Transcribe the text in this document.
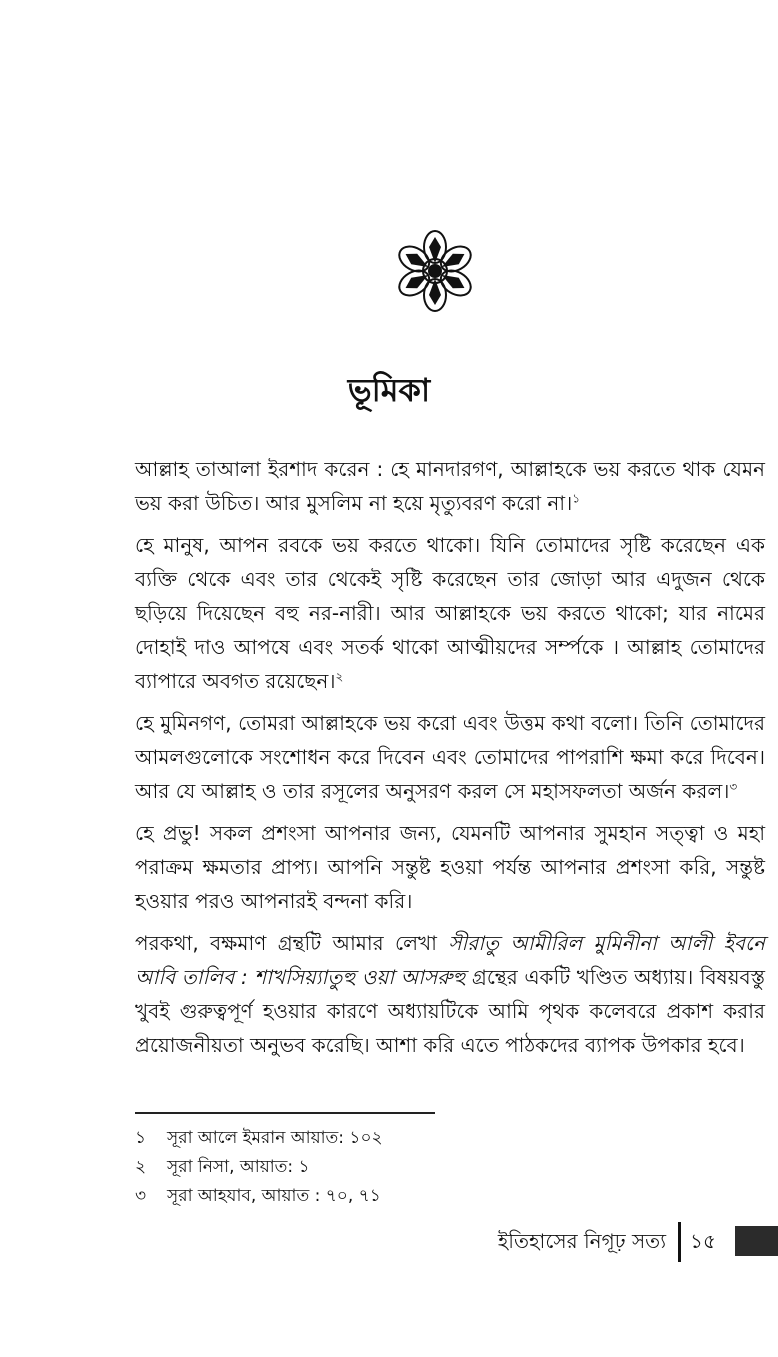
ভূমিকা

আল্লাহ তাআলা ইরশাদ করেন : হে মানদারগণ, আল্লাহকে ভয় করতে থাক যেমন ভয় করা উচিত। আর মুসলিম না হয়ে মৃত্যুবরণ করো না।$^১$

হে মানুষ, আপন রবকে ভয় করতে থাকো। যিনি তোমাদের সৃষ্টি করেছেন এক ব্যক্তি থেকে এবং তার থেকেই সৃষ্টি করেছেন তার জোড়া আর এদুজন থেকে ছড়িয়ে দিয়েছেন বহু নর-নারী। আর আল্লাহকে ভয় করতে থাকো; যার নামের দোহাই দাও আপষে এবং সতর্ক থাকো আত্মীয়দের সর্ম্পকে । আল্লাহ তোমাদের ব্যাপারে অবগত রয়েছেন।$^২$

হে মুমিনগণ, তোমরা আল্লাহকে ভয় করো এবং উত্তম কথা বলো। তিনি তোমাদের আমলগুলোকে সংশোধন করে দিবেন এবং তোমাদের পাপরাশি ক্ষমা করে দিবেন। আর যে আল্লাহ ও তার রসূলের অনুসরণ করল সে মহাসফলতা অর্জন করল।$^৩$

হে প্রভু! সকল প্রশংসা আপনার জন্য, যেমনটি আপনার সুমহান সত্ত্বা ও মহা পরাক্রম ক্ষমতার প্রাপ্য। আপনি সন্তুষ্ট হওয়া পর্যন্ত আপনার প্রশংসা করি, সন্তুষ্ট হওয়ার পরও আপনারই বন্দনা করি।

পরকথা, বক্ষমাণ গ্রন্থটি আমার লেখা সীরাতু আমীরিল মুমিনীনা আলী ইবনে আবি তালিব : শাখসিয়্যাতুহু ওয়া আসরুহু গ্রন্থের একটি খণ্ডিত অধ্যায়। বিষয়বস্তু খুবই গুরুত্বপূর্ণ হওয়ার কারণে অধ্যায়টিকে আমি পৃথক কলেবরে প্রকাশ করার প্রয়োজনীয়তা অনুভব করেছি। আশা করি এতে পাঠকদের ব্যাপক উপকার হবে।

১	সূরা আলে ইমরান আয়াত: ১০২
২	সূরা নিসা, আয়াত: ১
৩	সূরা আহযাব, আয়াত : ৭০, ৭১
ইতিহাসের নিগূঢ় সত্য ১৫
